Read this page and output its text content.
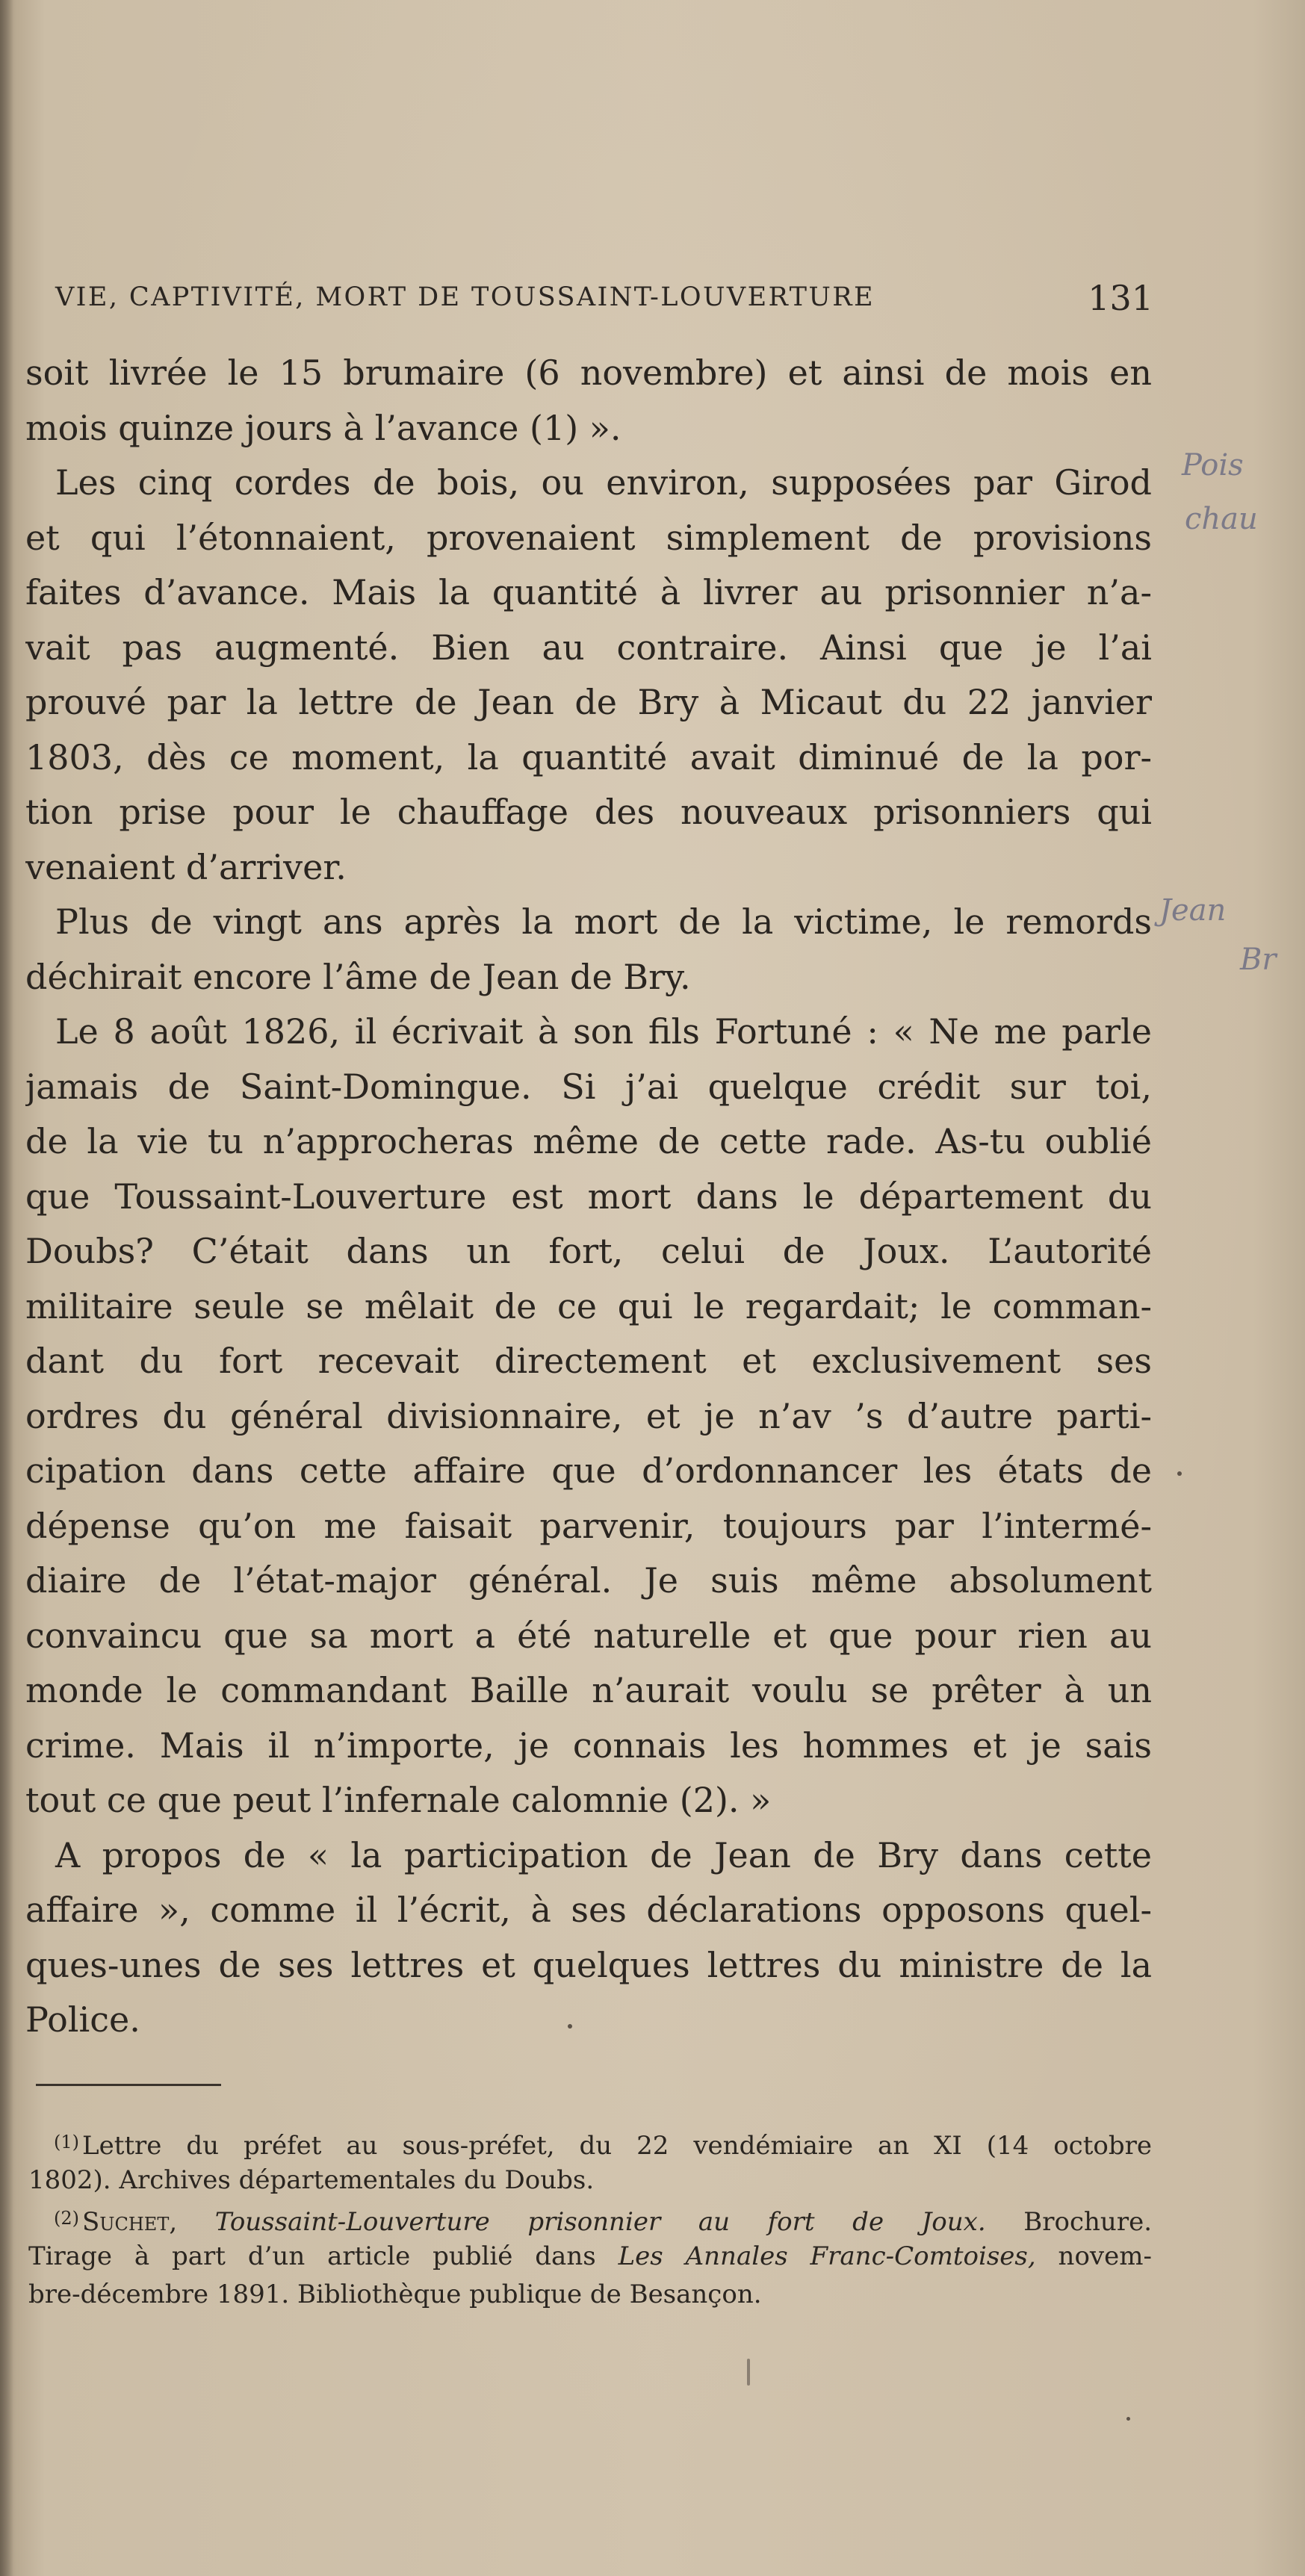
VIE, CAPTIVITÉ, MORT DE TOUSSAINT-LOUVERTURE	131
soit livrée le 15 brumaire (6 novembre) et ainsi de mois en
mois quinze jours à l’avance (1) ».
Les cinq cordes de bois, ou environ, supposées par Girod
et qui l’étonnaient, provenaient simplement de provisions
faites d’avance. Mais la quantité à livrer au prisonnier n’a-
vait pas augmenté. Bien au contraire. Ainsi que je l’ai
prouvé par la lettre de Jean de Bry à Micaut du 22 janvier
1803, dès ce moment, la quantité avait diminué de la por-
tion prise pour le chauffage des nouveaux prisonniers qui
venaient d’arriver.
Plus de vingt ans après la mort de la victime, le remords
déchirait encore l’âme de Jean de Bry.
Le 8 août 1826, il écrivait à son fils Fortuné : « Ne me parle
jamais de Saint-Domingue. Si j’ai quelque crédit sur toi,
de la vie tu n’approcheras même de cette rade. As-tu oublié
que Toussaint-Louverture est mort dans le département du
Doubs? C’était dans un fort, celui de Joux. L’autorité
militaire seule se mêlait de ce qui le regardait; le comman-
dant du fort recevait directement et exclusivement ses
ordres du général divisionnaire, et je n’av ’s d’autre parti-
cipation dans cette affaire que d’ordonnancer les états de
dépense qu’on me faisait parvenir, toujours par l’intermé-
diaire de l’état-major général. Je suis même absolument
convaincu que sa mort a été naturelle et que pour rien au
monde le commandant Baille n’aurait voulu se prêter à un
crime. Mais il n’importe, je connais les hommes et je sais
tout ce que peut l’infernale calomnie (2). »
A propos de « la participation de Jean de Bry dans cette
affaire », comme il l’écrit, à ses déclarations opposons quel-
ques-unes de ses lettres et quelques lettres du ministre de la
Police.
$^{(1)}$ Lettre du préfet au sous-préfet, du 22 vendémiaire an XI (14 octobre
1802). Archives départementales du Doubs.
$^{(2)}$ Suchet, Toussaint-Louverture prisonnier au fort de Joux. Brochure.
Tirage à part d’un article publié dans Les Annales Franc-Comtoises, novem-
bre-décembre 1891. Bibliothèque publique de Besançon.
Pois
chau
Jean
Br
